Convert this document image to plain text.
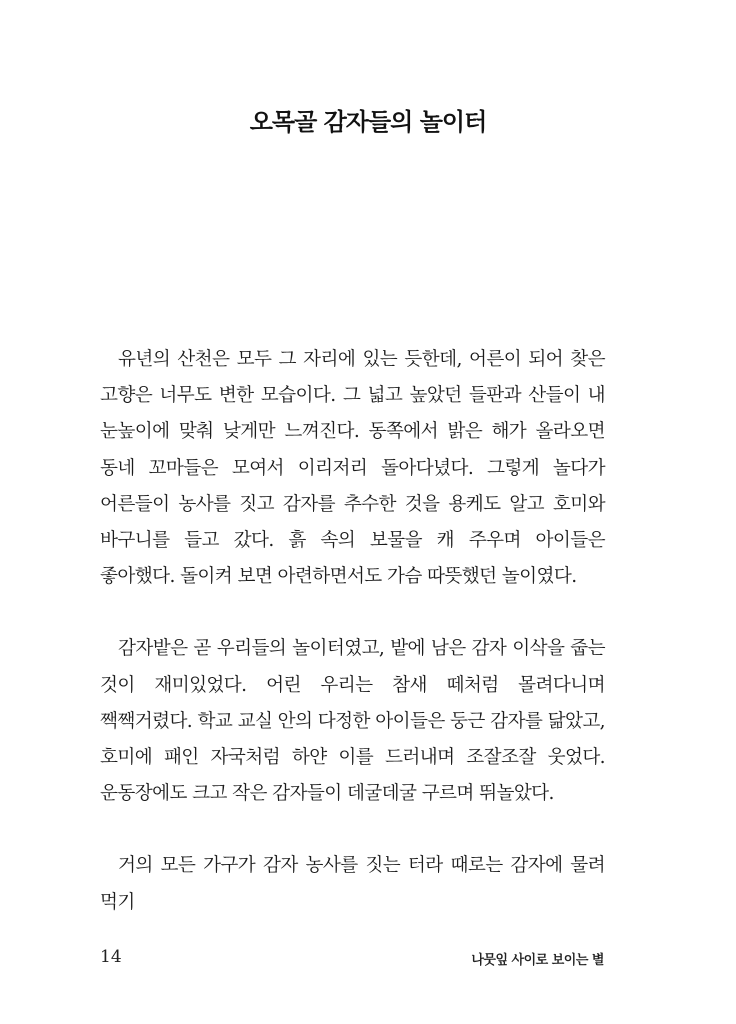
오목골 감자들의 놀이터

유년의 산천은 모두 그 자리에 있는 듯한데, 어른이 되어 찾은 고향은 너무도 변한 모습이다. 그 넓고 높았던 들판과 산들이 내 눈높이에 맞춰 낮게만 느껴진다. 동쪽에서 밝은 해가 올라오면 동네 꼬마들은 모여서 이리저리 돌아다녔다. 그렇게 놀다가 어른들이 농사를 짓고 감자를 추수한 것을 용케도 알고 호미와 바구니를 들고 갔다. 흙 속의 보물을 캐 주우며 아이들은 좋아했다. 돌이켜 보면 아련하면서도 가슴 따뜻했던 놀이였다.

감자밭은 곧 우리들의 놀이터였고, 밭에 남은 감자 이삭을 줍는 것이 재미있었다. 어린 우리는 참새 떼처럼 몰려다니며 짹짹거렸다. 학교 교실 안의 다정한 아이들은 둥근 감자를 닮았고, 호미에 패인 자국처럼 하얀 이를 드러내며 조잘조잘 웃었다. 운동장에도 크고 작은 감자들이 데굴데굴 구르며 뛰놀았다.

거의 모든 가구가 감자 농사를 짓는 터라 때로는 감자에 물려 먹기

14	나뭇잎 사이로 보이는 별
